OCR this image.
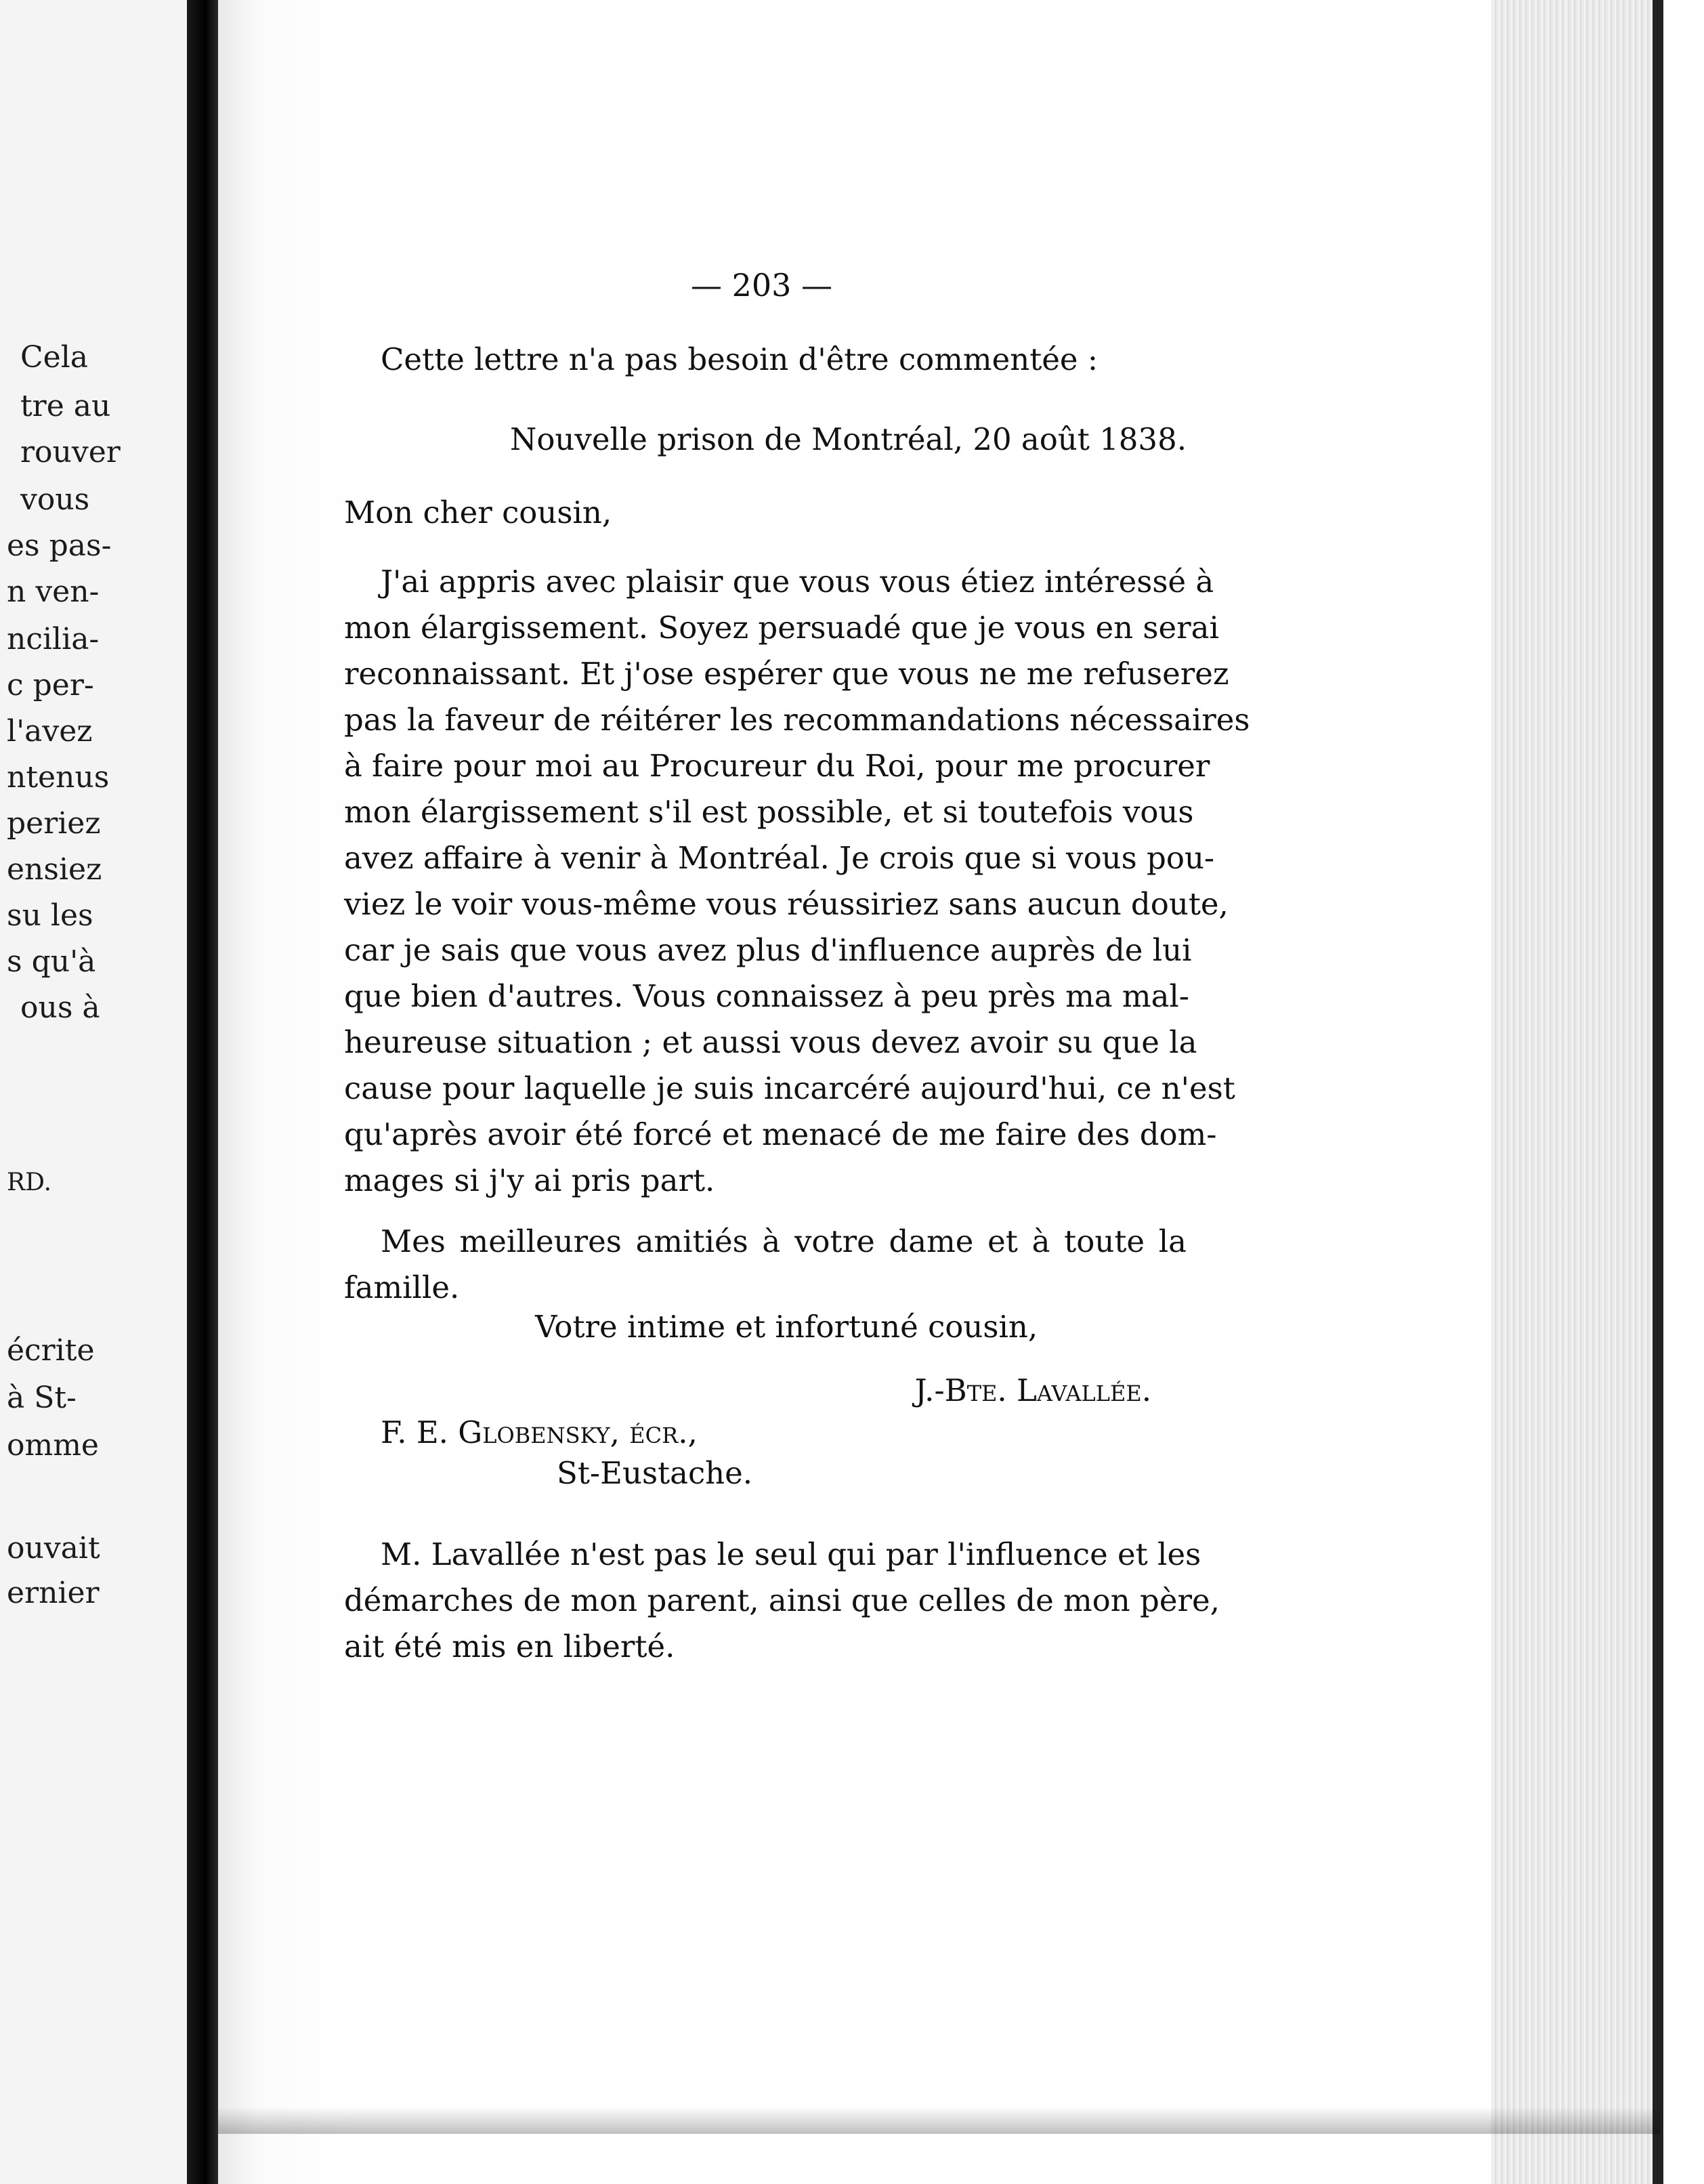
Cela
tre au
rouver
vous
es pas-
n ven-
ncilia-
c per-
l'avez
ntenus
periez
ensiez
su les
s qu'à
ous à
RD.
écrite
à St-
omme
ouvait
ernier
— 203 —
Cette lettre n'a pas besoin d'être commentée :
Nouvelle prison de Montréal, 20 août 1838.
Mon cher cousin,
J'ai appris avec plaisir que vous vous étiez intéressé à
mon élargissement. Soyez persuadé que je vous en serai
reconnaissant. Et j'ose espérer que vous ne me refuserez
pas la faveur de réitérer les recommandations nécessaires
à faire pour moi au Procureur du Roi, pour me procurer
mon élargissement s'il est possible, et si toutefois vous
avez affaire à venir à Montréal. Je crois que si vous pou-
viez le voir vous-même vous réussiriez sans aucun doute,
car je sais que vous avez plus d'influence auprès de lui
que bien d'autres. Vous connaissez à peu près ma mal-
heureuse situation ; et aussi vous devez avoir su que la
cause pour laquelle je suis incarcéré aujourd'hui, ce n'est
qu'après avoir été forcé et menacé de me faire des dom-
mages si j'y ai pris part.
Mes meilleures amitiés à votre dame et à toute la
famille.
Votre intime et infortuné cousin,
J.-Bte. Lavallée.
F. E. Globensky, écr.,
St-Eustache.
M. Lavallée n'est pas le seul qui par l'influence et les
démarches de mon parent, ainsi que celles de mon père,
ait été mis en liberté.
